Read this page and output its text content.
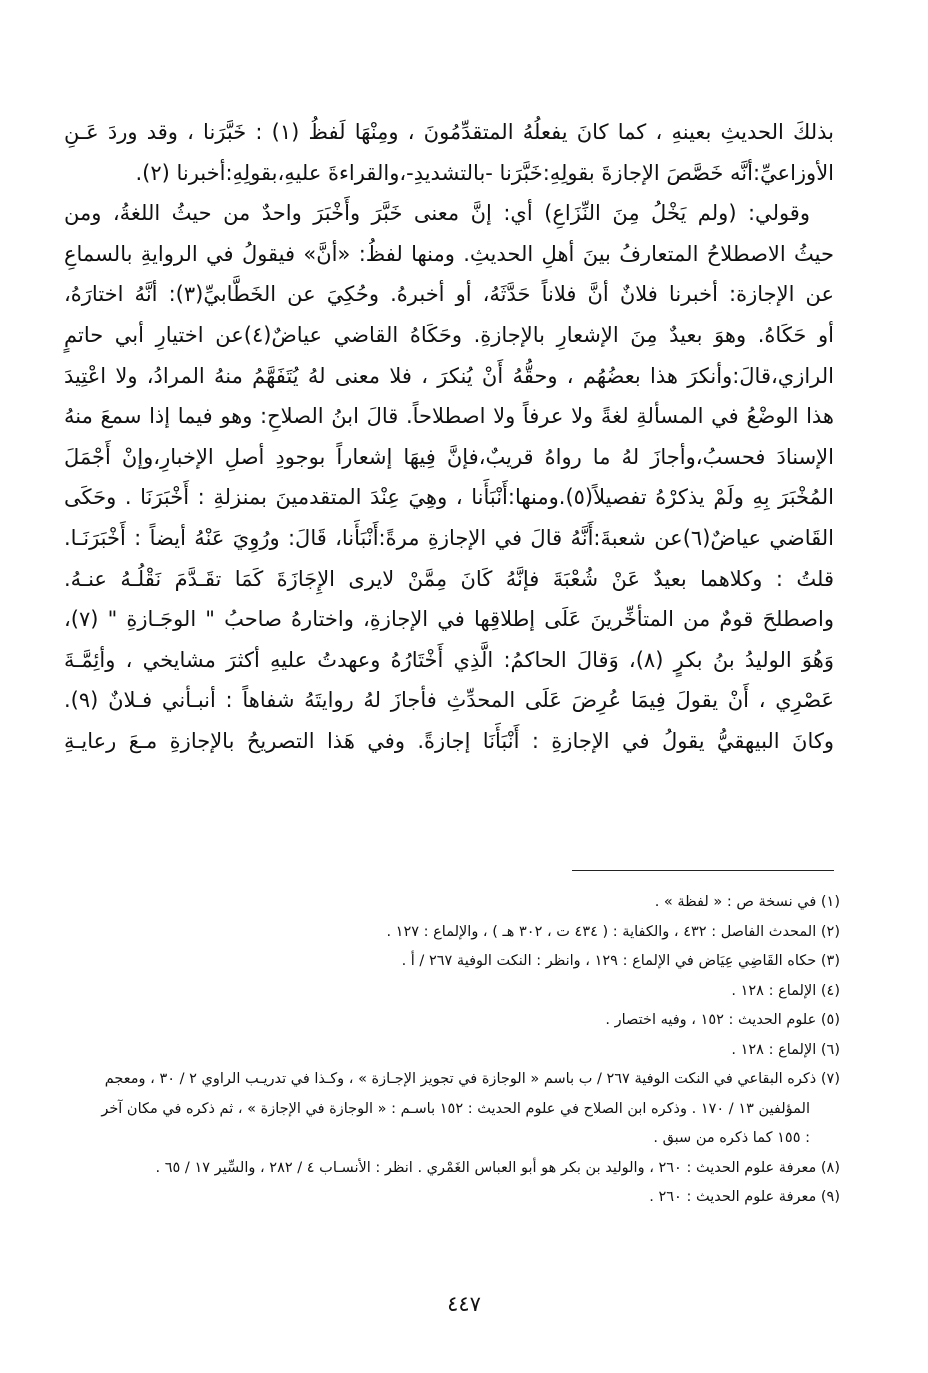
بذلكَ الحديثِ بعينهِ ، كما كانَ يفعلُهُ المتقدِّمُونَ ، ومِنْهَا لَفظُ (١) : خَبَّرَنا ، وقد وردَ عَـنِ

الأوزاعيِّ:أنَّه خَصَّصَ الإجازةَ بقولِهِ:خَبَّرَنا -بالتشديدِ-،والقراءةَ عليهِ،بقولِهِ:أخبرنا (٢).

وقولي: (ولم يَخْلُ مِنَ النِّزَاعِ) أي: إنَّ معنى خَبَّرَ وأَخْبَرَ واحدٌ من حيثُ اللغةُ، ومن

حيثُ الاصطلاحُ المتعارفُ بينَ أهلِ الحديثِ. ومنها لفظُ: «أنَّ» فيقولُ في الروايةِ بالسماعِ

عن الإجازة: أخبرنا فلانٌ أنَّ فلاناً حَدَّثَهُ، أو أخبرهُ. وحُكِيَ عن الخَطَّابيِّ(٣): أنَّهُ اختارَهُ،

أو حَكَاهُ. وهوَ بعيدٌ مِنَ الإشعارِ بالإجازةِ. وحَكَاهُ القاضي عياضٌ(٤)عن اختيارِ أبي حاتمٍ

الرازي،قالَ:وأنكرَ هذا بعضُهُم ، وحقُّهُ أَنْ يُنكرَ ، فلا معنى لهُ يُتَفَهَّمُ منهُ المرادُ، ولا اعْتِيدَ

هذا الوضْعُ في المسألةِ لغةً ولا عرفاً ولا اصطلاحاً. قالَ ابنُ الصلاحِ: وهو فيما إذا سمعَ منهُ

الإسنادَ فحسبُ،وأجازَ لهُ ما رواهُ قريبٌ،فإنَّ فِيهَا إشعاراً بوجودِ أصلِ الإخبارِ،وإنْ أَجْمَلَ

المُخْبَرَ بِهِ ولَمْ يذكرْهُ تفصيلاً(٥).ومنها:أَنْبَأَنا ، وهِيَ عِنْدَ المتقدمينَ بمنزلةِ : أَخْبَرَنَا . وحَكَى

القَاضي عياضٌ(٦)عن شعبةَ:أَنَّهُ قالَ في الإجازةِ مرةً:أَنْبَأَنا، قَالَ: ورُوِيَ عَنْهُ أيضاً : أَخْبَرَنَـا.

قلتُ : وكلاهما بعيدٌ عَنْ شُعْبَةَ فإنَّهُ كَانَ مِمَّنْ لايرى الإِجَازَةَ كَمَا تقَـدَّمَ نَقْلُـهُ عنـهُ.

واصطلحَ قومٌ من المتأخِّرينَ عَلَى إطلاقِها في الإجازةِ، واختارهُ صاحبُ " الوجَـازةِ " (٧)،

وَهُوَ الوليدُ بنُ بكرٍ (٨)، وَقالَ الحاكمُ: الَّذِي أَخْتَارُهُ وعهدتُ عليهِ أكثرَ مشايخي ، وأئِمَّـةَ

عَصْرِي ، أَنْ يقولَ فِيمَا عُرِضَ عَلَى المحدِّثِ فأجازَ لهُ روايتَهُ شفاهاً : أنبـأني فـلانٌ (٩).

وكانَ البيهقيُّ يقولُ في الإجازةِ : أَنْبَأَنَا إجازةً. وفي هَذا التصريحُ بالإجازةِ مـعَ رعايـةِ

(١) في نسخة ص : « لفظة » .

(٢) المحدث الفاصل : ٤٣٢ ، والكفاية : ( ٤٣٤ ت ، ٣٠٢ هـ ) ، والإلماع : ١٢٧ .

(٣) حكاه القَاضِي عِيَاض في الإلماع : ١٢٩ ، وانظر : النكت الوفية ٢٦٧ / أ .

(٤) الإلماع : ١٢٨ .

(٥) علوم الحديث : ١٥٢ ، وفيه اختصار .

(٦) الإلماع : ١٢٨ .

(٧) ذكره البقاعي في النكت الوفية ٢٦٧ / ب باسم « الوجازة في تجويز الإجـازة » ، وكـذا في تدريـب الراوي ٢ / ٣٠ ، ومعجم المؤلفين ١٣ / ١٧٠ . وذكره ابن الصلاح في علوم الحديث : ١٥٢ باسـم : « الوجازة في الإجازة » ، ثم ذكره في مكان آخر : ١٥٥ كما ذكره من سبق .

(٨) معرفة علوم الحديث : ٢٦٠ ، والوليد بن بكر هو أبو العباس الغَمْري . انظر : الأنسـاب ٤ / ٢٨٢ ، والسِّير ١٧ / ٦٥ .

(٩) معرفة علوم الحديث : ٢٦٠ .

٤٤٧
